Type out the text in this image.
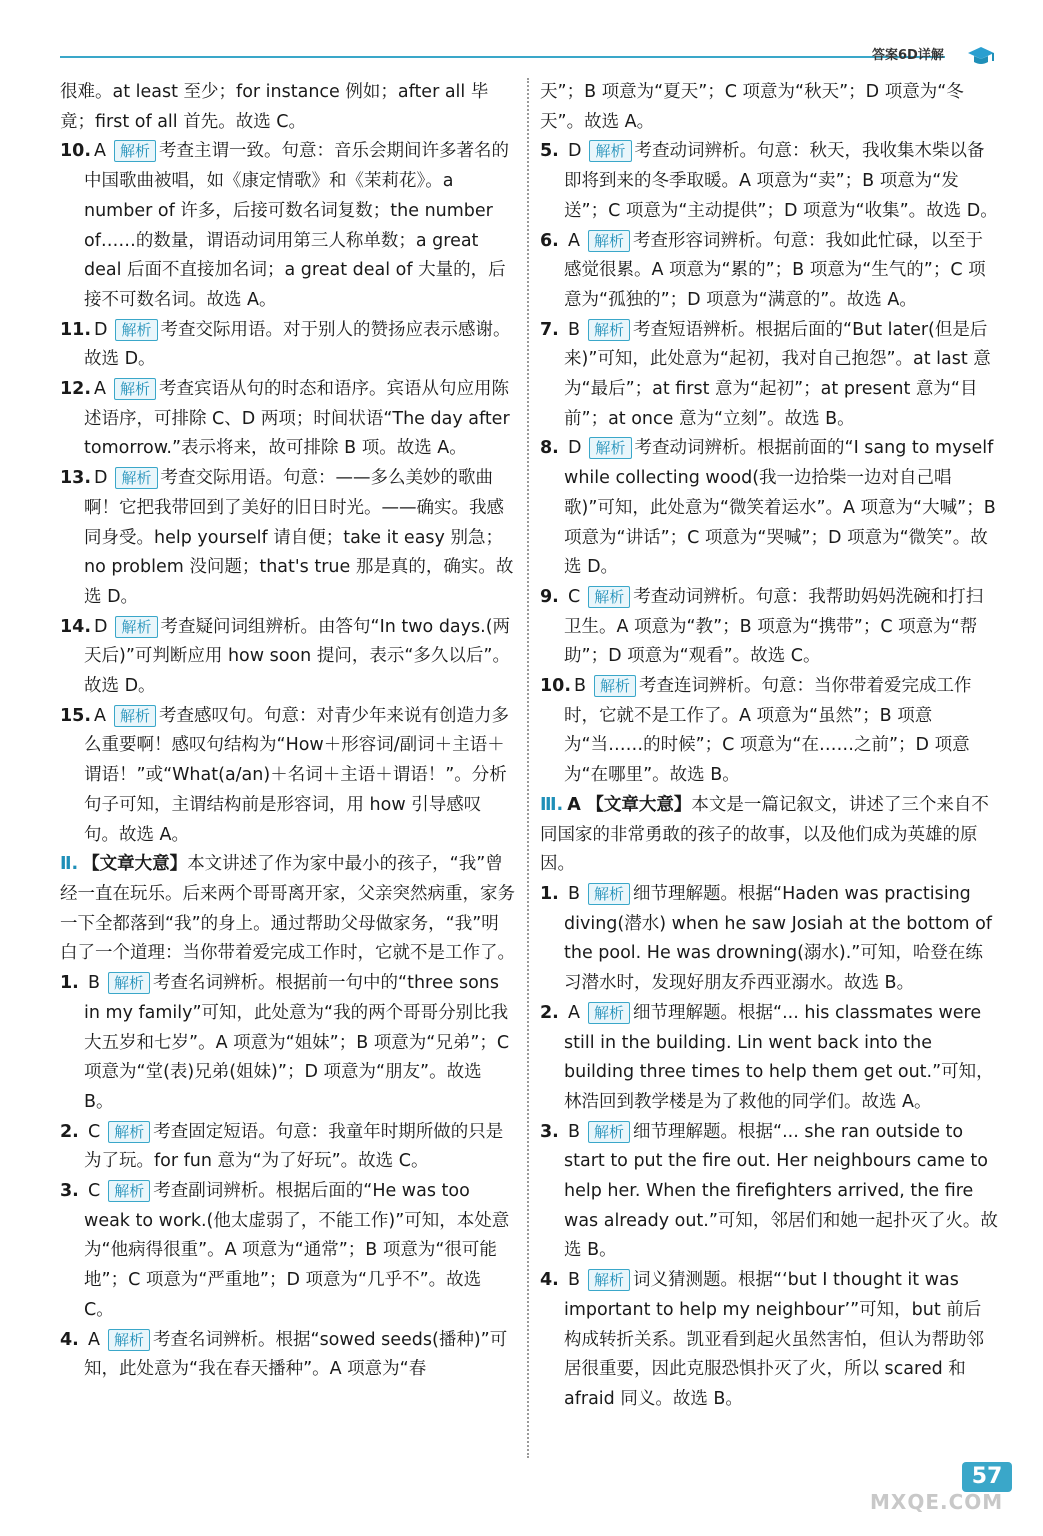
答案6D详解

很难。at least 至少；for instance 例如；after all 毕竟；first of all 首先。故选 C。

10. A 解析 考查主谓一致。句意：音乐会期间许多著名的中国歌曲被唱，如《康定情歌》和《茉莉花》。a number of 许多，后接可数名词复数；the number of……的数量，谓语动词用第三人称单数；a great deal 后面不直接加名词；a great deal of 大量的，后接不可数名词。故选 A。

11. D 解析 考查交际用语。对于别人的赞扬应表示感谢。故选 D。

12. A 解析 考查宾语从句的时态和语序。宾语从句应用陈述语序，可排除 C、D 两项；时间状语“The day after tomorrow.”表示将来，故可排除 B 项。故选 A。

13. D 解析 考查交际用语。句意：——多么美妙的歌曲啊！它把我带回到了美好的旧日时光。——确实。我感同身受。help yourself 请自便；take it easy 别急；no problem 没问题；that's true 那是真的，确实。故选 D。

14. D 解析 考查疑问词组辨析。由答句“In two days.(两天后)”可判断应用 how soon 提问，表示“多久以后”。故选 D。

15. A 解析 考查感叹句。句意：对青少年来说有创造力多么重要啊！感叹句结构为“How＋形容词/副词＋主语＋谓语！”或“What(a/an)＋名词＋主语＋谓语！”。分析句子可知，主谓结构前是形容词，用 how 引导感叹句。故选 A。

Ⅱ. 【文章大意】本文讲述了作为家中最小的孩子，“我”曾经一直在玩乐。后来两个哥哥离开家，父亲突然病重，家务一下全都落到“我”的身上。通过帮助父母做家务，“我”明白了一个道理：当你带着爱完成工作时，它就不是工作了。

1. B 解析 考查名词辨析。根据前一句中的“three sons in my family”可知，此处意为“我的两个哥哥分别比我大五岁和七岁”。A 项意为“姐妹”；B 项意为“兄弟”；C 项意为“堂(表)兄弟(姐妹)”；D 项意为“朋友”。故选 B。

2. C 解析 考查固定短语。句意：我童年时期所做的只是为了玩。for fun 意为“为了好玩”。故选 C。

3. C 解析 考查副词辨析。根据后面的“He was too weak to work.(他太虚弱了，不能工作)”可知，本处意为“他病得很重”。A 项意为“通常”；B 项意为“很可能地”；C 项意为“严重地”；D 项意为“几乎不”。故选 C。

4. A 解析 考查名词辨析。根据“sowed seeds(播种)”可知，此处意为“我在春天播种”。A 项意为“春

天”；B 项意为“夏天”；C 项意为“秋天”；D 项意为“冬天”。故选 A。

5. D 解析 考查动词辨析。句意：秋天，我收集木柴以备即将到来的冬季取暖。A 项意为“卖”；B 项意为“发送”；C 项意为“主动提供”；D 项意为“收集”。故选 D。

6. A 解析 考查形容词辨析。句意：我如此忙碌，以至于感觉很累。A 项意为“累的”；B 项意为“生气的”；C 项意为“孤独的”；D 项意为“满意的”。故选 A。

7. B 解析 考查短语辨析。根据后面的“But later(但是后来)”可知，此处意为“起初，我对自己抱怨”。at last 意为“最后”；at first 意为“起初”；at present 意为“目前”；at once 意为“立刻”。故选 B。

8. D 解析 考查动词辨析。根据前面的“I sang to myself while collecting wood(我一边拾柴一边对自己唱歌)”可知，此处意为“微笑着运水”。A 项意为“大喊”；B 项意为“讲话”；C 项意为“哭喊”；D 项意为“微笑”。故选 D。

9. C 解析 考查动词辨析。句意：我帮助妈妈洗碗和打扫卫生。A 项意为“教”；B 项意为“携带”；C 项意为“帮助”；D 项意为“观看”。故选 C。

10. B 解析 考查连词辨析。句意：当你带着爱完成工作时，它就不是工作了。A 项意为“虽然”；B 项意为“当……的时候”；C 项意为“在……之前”；D 项意为“在哪里”。故选 B。

Ⅲ. A 【文章大意】本文是一篇记叙文，讲述了三个来自不同国家的非常勇敢的孩子的故事，以及他们成为英雄的原因。

1. B 解析 细节理解题。根据“Haden was practising diving(潜水) when he saw Josiah at the bottom of the pool. He was drowning(溺水).”可知，哈登在练习潜水时，发现好朋友乔西亚溺水。故选 B。

2. A 解析 细节理解题。根据“... his classmates were still in the building. Lin went back into the building three times to help them get out.”可知，林浩回到教学楼是为了救他的同学们。故选 A。

3. B 解析 细节理解题。根据“... she ran outside to start to put the fire out. Her neighbours came to help her. When the firefighters arrived, the fire was already out.”可知，邻居们和她一起扑灭了火。故选 B。

4. B 解析 词义猜测题。根据“‘but I thought it was important to help my neighbour’”可知，but 前后构成转折关系。凯亚看到起火虽然害怕，但认为帮助邻居很重要，因此克服恐惧扑灭了火，所以 scared 和 afraid 同义。故选 B。

57
MXQE.COM
